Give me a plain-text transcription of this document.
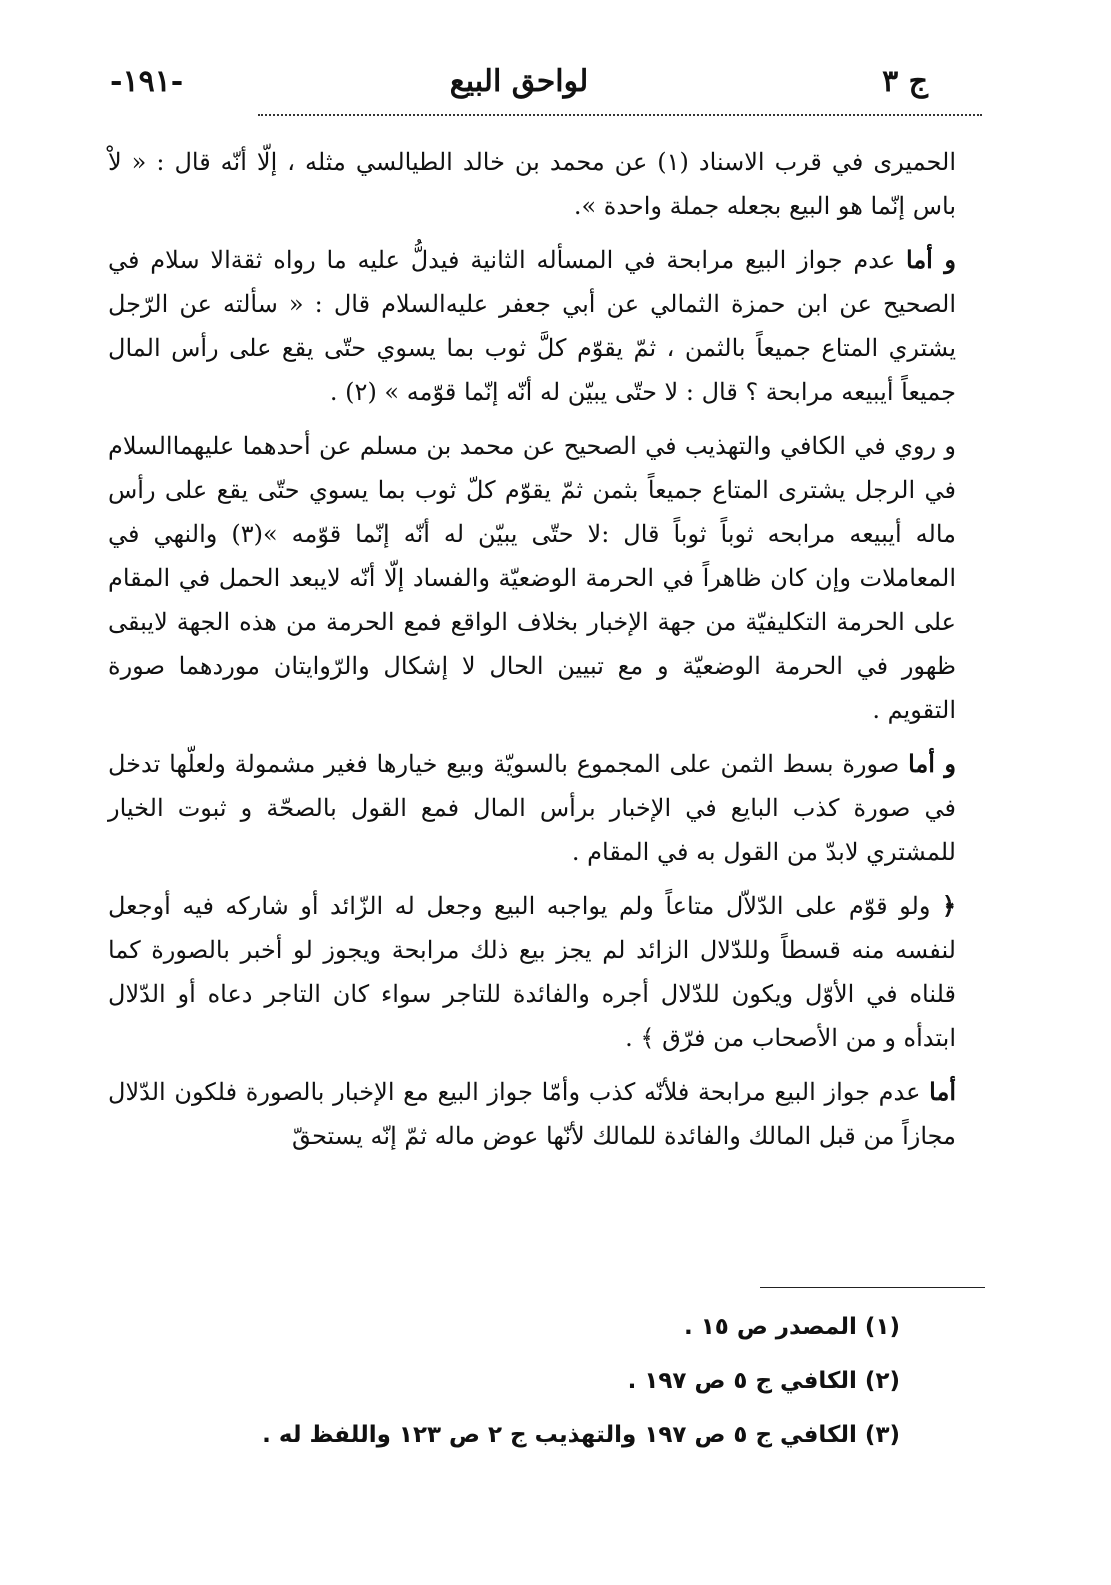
ج ٣
لواحق البيع
-١٩١-

الحميرى في قرب الاسناد (١) عن محمد بن خالد الطيالسي مثله ، إلّا أنّه قال : « لاْ باس إنّما هو البيع بجعله جملة واحدة ».

و أما عدم جواز البيع مرابحة في المسأله الثانية فيدلُّ عليه ما رواه ثقةالا سلام في الصحيح عن ابن حمزة الثمالي عن أبي جعفر عليه‌السلام قال : « سألته عن الرّجل يشتري المتاع جميعاً بالثمن ، ثمّ يقوّم كلَّ ثوب بما يسوي حتّى يقع على رأس المال جميعاً أيبيعه مرابحة ؟ قال : لا حتّى يبيّن له أنّه إنّما قوّمه » (٢) .

و روي في الكافي والتهذيب في الصحيح عن محمد بن مسلم عن أحدهما عليهما‌السلام في الرجل يشترى المتاع جميعاً بثمن ثمّ يقوّم كلّ ثوب بما يسوي حتّى يقع على رأس ماله أيبيعه مرابحه ثوباً ثوباً قال :لا حتّى يبيّن له أنّه إنّما قوّمه »(٣) والنهي في المعاملات وإن كان ظاهراً في الحرمة الوضعيّة والفساد إلّا أنّه لايبعد الحمل في المقام على الحرمة التكليفيّة من جهة الإخبار بخلاف الواقع فمع الحرمة من هذه الجهة لايبقى ظهور في الحرمة الوضعيّة و مع تبيين الحال لا إشكال والرّوايتان موردهما صورة التقويم .

و أما صورة بسط الثمن على المجموع بالسويّة وبيع خيارها فغير مشمولة ولعلّها تدخل في صورة كذب البايع في الإخبار برأس المال فمع القول بالصحّة و ثبوت الخيار للمشتري لابدّ من القول به في المقام .

﴿ ولو قوّم على الدّلاّل متاعاً ولم يواجبه البيع وجعل له الزّائد أو شاركه فيه أوجعل لنفسه منه قسطاً وللدّلال الزائد لم يجز بيع ذلك مرابحة ويجوز لو أخبر بالصورة كما قلناه في الأوّل ويكون للدّلال أجره والفائدة للتاجر سواء كان التاجر دعاه أو الدّلال ابتدأه و من الأصحاب من فرّق ﴾ .

أما عدم جواز البيع مرابحة فلأنّه كذب وأمّا جواز البيع مع الإخبار بالصورة فلكون الدّلال مجازاً من قبل المالك والفائدة للمالك لأنّها عوض ماله ثمّ إنّه يستحقّ

(١) المصدر ص ١٥ .
(٢) الكافي ج ٥ ص ١٩٧ .
(٣) الكافي ج ٥ ص ١٩٧ والتهذيب ج ٢ ص ١٢٣ واللفظ له .
